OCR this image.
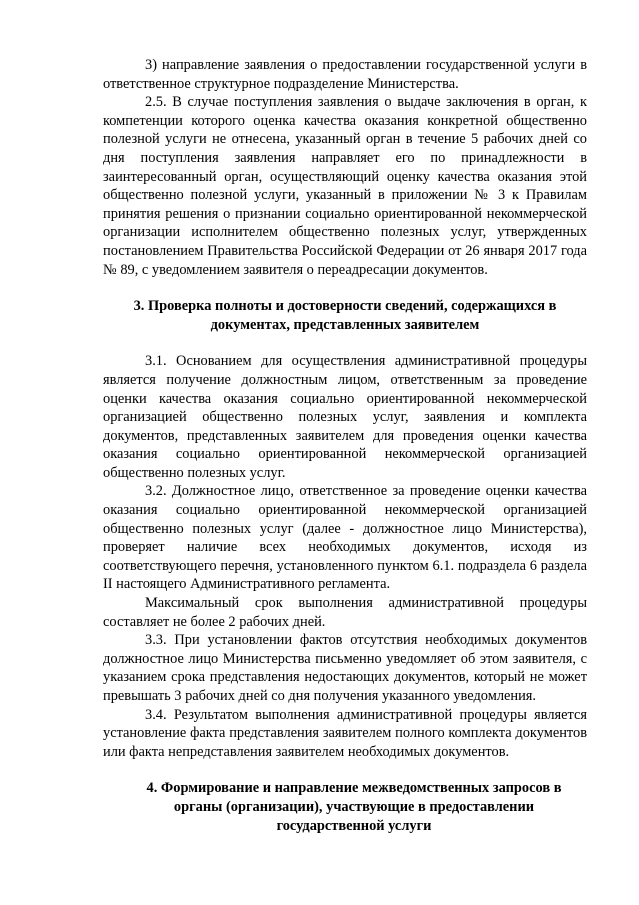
3) направление заявления о предоставлении государственной услуги в ответственное структурное подразделение Министерства.

2.5. В случае поступления заявления о выдаче заключения в орган, к компетенции которого оценка качества оказания конкретной общественно полезной услуги не отнесена, указанный орган в течение 5 рабочих дней со дня поступления заявления направляет его по принадлежности в заинтересованный орган, осуществляющий оценку качества оказания этой общественно полезной услуги, указанный в приложении № 3 к Правилам принятия решения о признании социально ориентированной некоммерческой организации исполнителем общественно полезных услуг, утвержденных постановлением Правительства Российской Федерации от 26 января 2017 года № 89, с уведомлением заявителя о переадресации документов.

3. Проверка полноты и достоверности сведений, содержащихся в документах, представленных заявителем

3.1. Основанием для осуществления административной процедуры является получение должностным лицом, ответственным за проведение оценки качества оказания социально ориентированной некоммерческой организацией общественно полезных услуг, заявления и комплекта документов, представленных заявителем для проведения оценки качества оказания социально ориентированной некоммерческой организацией общественно полезных услуг.

3.2. Должностное лицо, ответственное за проведение оценки качества оказания социально ориентированной некоммерческой организацией общественно полезных услуг (далее - должностное лицо Министерства), проверяет наличие всех необходимых документов, исходя из соответствующего перечня, установленного пунктом 6.1. подраздела 6 раздела II настоящего Административного регламента.

Максимальный срок выполнения административной процедуры составляет не более 2 рабочих дней.

3.3. При установлении фактов отсутствия необходимых документов должностное лицо Министерства письменно уведомляет об этом заявителя, с указанием срока представления недостающих документов, который не может превышать 3 рабочих дней со дня получения указанного уведомления.

3.4. Результатом выполнения административной процедуры является установление факта представления заявителем полного комплекта документов или факта непредставления заявителем необходимых документов.

4. Формирование и направление межведомственных запросов в органы (организации), участвующие в предоставлении государственной услуги
